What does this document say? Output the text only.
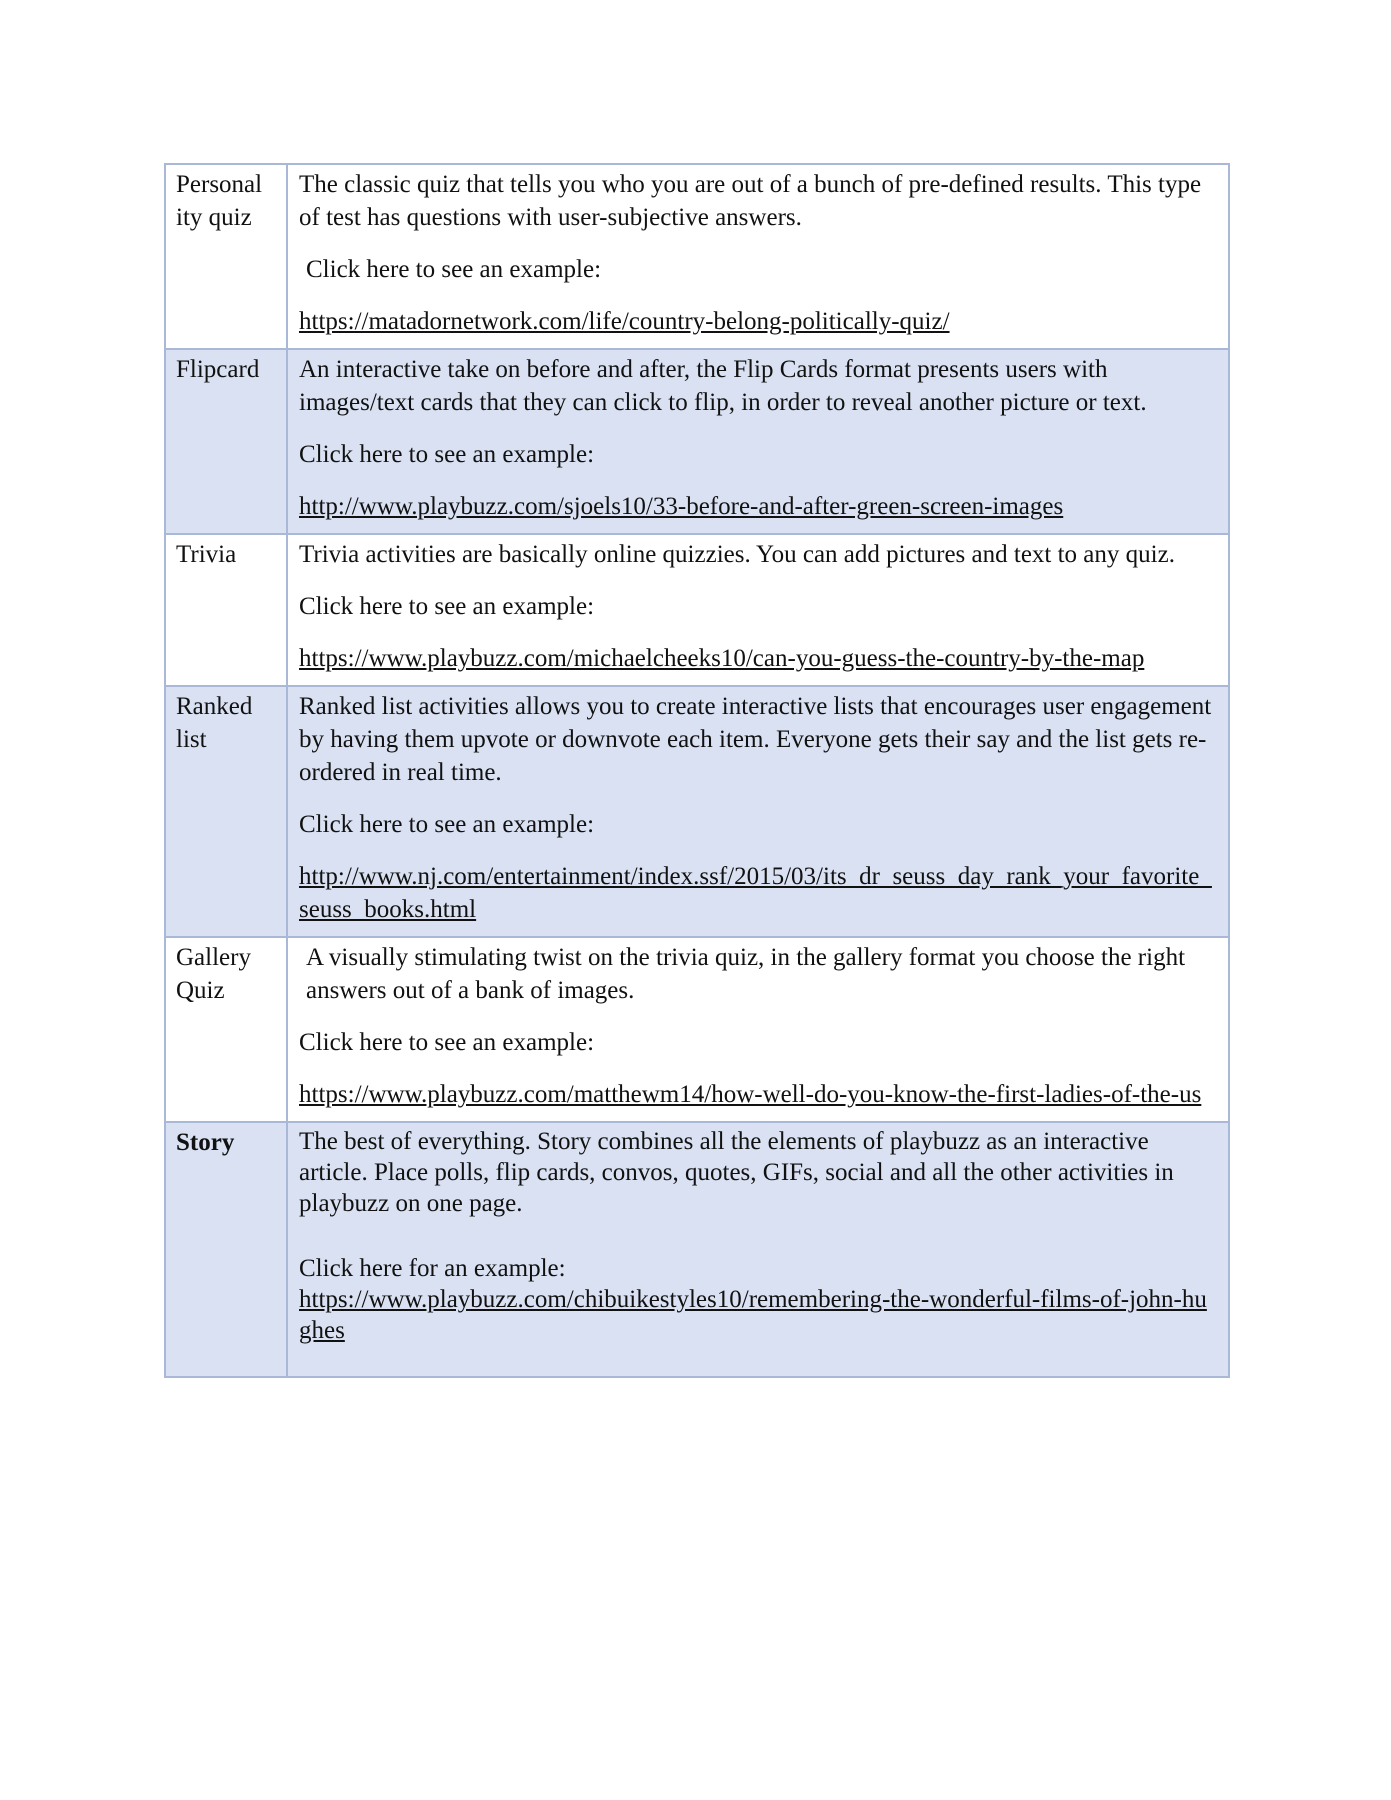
Personal ity quiz	The classic quiz that tells you who you are out of a bunch of pre-defined results. This type of test has questions with user-subjective answers.
Click here to see an example:
https://matadornetwork.com/life/country-belong-politically-quiz/

Flipcard	An interactive take on before and after, the Flip Cards format presents users with images/text cards that they can click to flip, in order to reveal another picture or text.
Click here to see an example:
http://www.playbuzz.com/sjoels10/33-before-and-after-green-screen-images

Trivia	Trivia activities are basically online quizzies. You can add pictures and text to any quiz.
Click here to see an example:
https://www.playbuzz.com/michaelcheeks10/can-you-guess-the-country-by-the-map

Ranked list	Ranked list activities allows you to create interactive lists that encourages user engagement by having them upvote or downvote each item. Everyone gets their say and the list gets re-ordered in real time.
Click here to see an example:
http://www.nj.com/entertainment/index.ssf/2015/03/its_dr_seuss_day_rank_your_favorite_seuss_books.html

Gallery Quiz	A visually stimulating twist on the trivia quiz, in the gallery format you choose the right answers out of a bank of images.
Click here to see an example:
https://www.playbuzz.com/matthewm14/how-well-do-you-know-the-first-ladies-of-the-us

Story	The best of everything. Story combines all the elements of playbuzz as an interactive article. Place polls, flip cards, convos, quotes, GIFs, social and all the other activities in playbuzz on one page.
Click here for an example:
https://www.playbuzz.com/chibuikestyles10/remembering-the-wonderful-films-of-john-hughes
